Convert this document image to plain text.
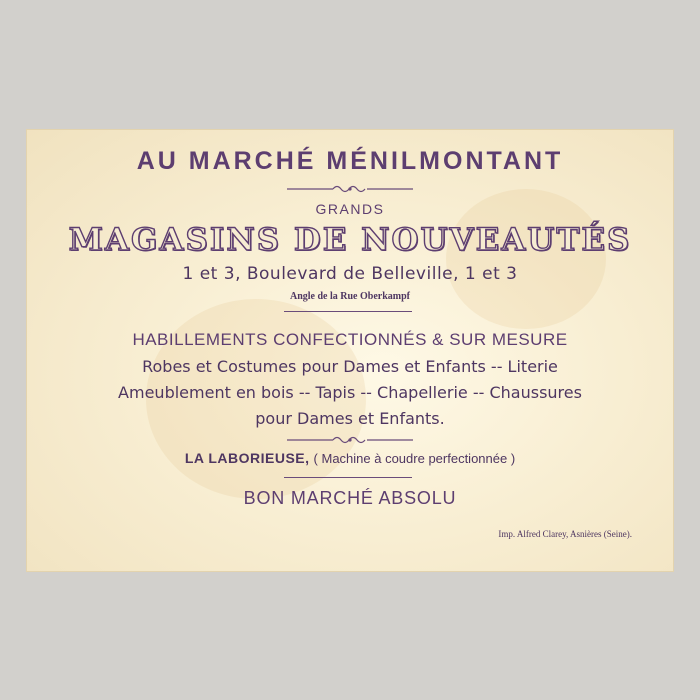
AU MARCHÉ MÉNILMONTANT
GRANDS
MAGASINS DE NOUVEAUTÉS
1 et 3, Boulevard de Belleville, 1 et 3
Angle de la Rue Oberkampf
HABILLEMENTS CONFECTIONNÉS & SUR MESURE
Robes et Costumes pour Dames et Enfants -- Literie
Ameublement en bois -- Tapis -- Chapellerie -- Chaussures
pour Dames et Enfants.
LA LABORIEUSE, ( Machine à coudre perfectionnée )
BON MARCHÉ ABSOLU
Imp. Alfred Clarey, Asnières (Seine).
